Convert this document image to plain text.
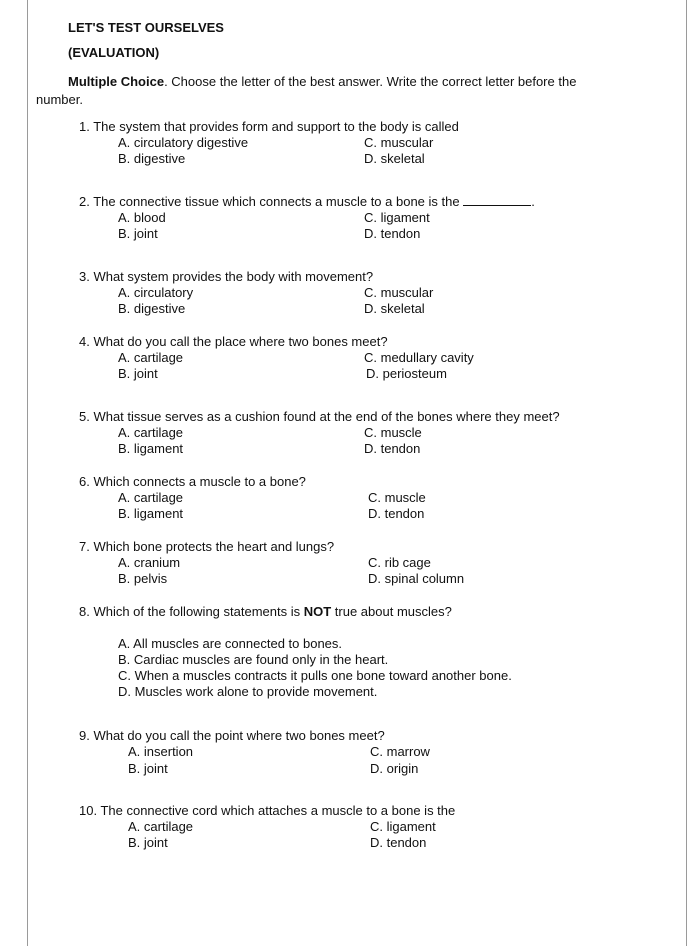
LET'S TEST OURSELVES
(EVALUATION)
Multiple Choice. Choose the letter of the best answer. Write the correct letter before the
number.
1. The system that provides form and support to the body is called
A. circulatory digestive
B. digestive
C. muscular
D. skeletal
2. The connective tissue which connects a muscle to a bone is the	.
A. blood
B. joint
C. ligament
D. tendon
3. What system provides the body with movement?
A. circulatory
B. digestive
C. muscular
D. skeletal
4. What do you call the place where two bones meet?
A. cartilage
B. joint
C. medullary cavity
D. periosteum
5. What tissue serves as a cushion found at the end of the bones where they meet?
A. cartilage
B. ligament
C. muscle
D. tendon
6. Which connects a muscle to a bone?
A. cartilage
B. ligament
C. muscle
D. tendon
7. Which bone protects the heart and lungs?
A. cranium
B. pelvis
C. rib cage
D. spinal column
8. Which of the following statements is NOT true about muscles?
A. All muscles are connected to bones.
B. Cardiac muscles are found only in the heart.
C. When a muscles contracts it pulls one bone toward another bone.
D. Muscles work alone to provide movement.
9. What do you call the point where two bones meet?
A. insertion
B. joint
C. marrow
D. origin
10. The connective cord which attaches a muscle to a bone is the
A. cartilage
B. joint
C. ligament
D. tendon
